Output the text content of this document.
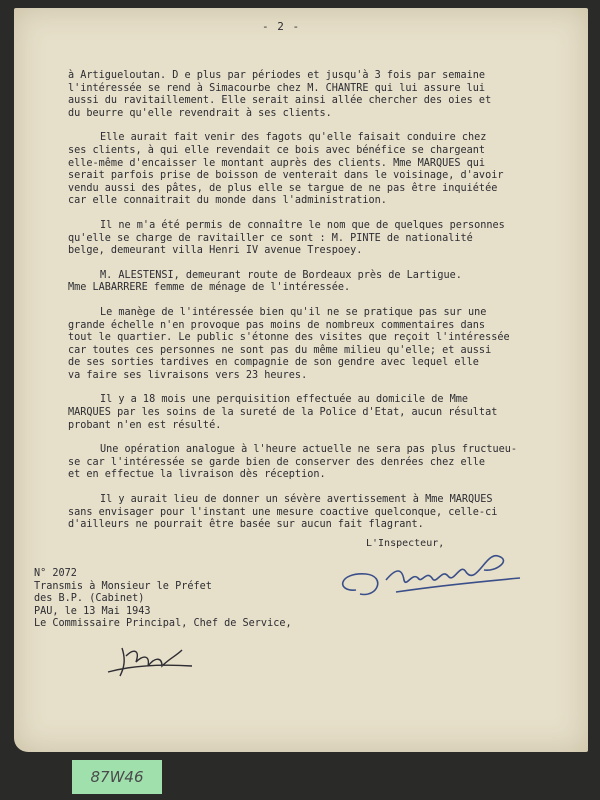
- 2 -

à Artigueloutan. D e plus par périodes et jusqu'à 3 fois par semaine
l'intéressée se rend à Simacourbe chez M. CHANTRE qui lui assure lui
aussi du ravitaillement. Elle serait ainsi allée chercher des oies et
du beurre qu'elle revendrait à ses clients.

Elle aurait fait venir des fagots qu'elle faisait conduire chez
ses clients, à qui elle revendait ce bois avec bénéfice se chargeant
elle-même d'encaisser le montant auprès des clients. Mme MARQUES qui
serait parfois prise de boisson de venterait dans le voisinage, d'avoir
vendu aussi des pâtes, de plus elle se targue de ne pas être inquiétée
car elle connaitrait du monde dans l'administration.

Il ne m'a été permis de connaître le nom que de quelques personnes
qu'elle se charge de ravitailler ce sont : M. PINTE de nationalité
belge, demeurant villa Henri IV avenue Trespoey.

M. ALESTENSI, demeurant route de Bordeaux près de Lartigue.
Mme LABARRERE femme de ménage de l'intéressée.

Le manège de l'intéressée bien qu'il ne se pratique pas sur une
grande échelle n'en provoque pas moins de nombreux commentaires dans
tout le quartier. Le public s'étonne des visites que reçoit l'intéressée
car toutes ces personnes ne sont pas du même milieu qu'elle; et aussi
de ses sorties tardives en compagnie de son gendre avec lequel elle
va faire ses livraisons vers 23 heures.

Il y a 18 mois une perquisition effectuée au domicile de Mme
MARQUES par les soins de la sureté de la Police d'Etat, aucun résultat
probant n'en est résulté.

Une opération analogue à l'heure actuelle ne sera pas plus fructueu-
se car l'intéressée se garde bien de conserver des denrées chez elle
et en effectue la livraison dès réception.

Il y aurait lieu de donner un sévère avertissement à Mme MARQUES
sans envisager pour l'instant une mesure coactive quelconque, celle-ci
d'ailleurs ne pourrait être basée sur aucun fait flagrant.

L'Inspecteur,
N° 2072
Transmis à Monsieur le Préfet
des B.P. (Cabinet)
PAU, le 13 Mai 1943
Le Commissaire Principal, Chef de Service,
87W46
